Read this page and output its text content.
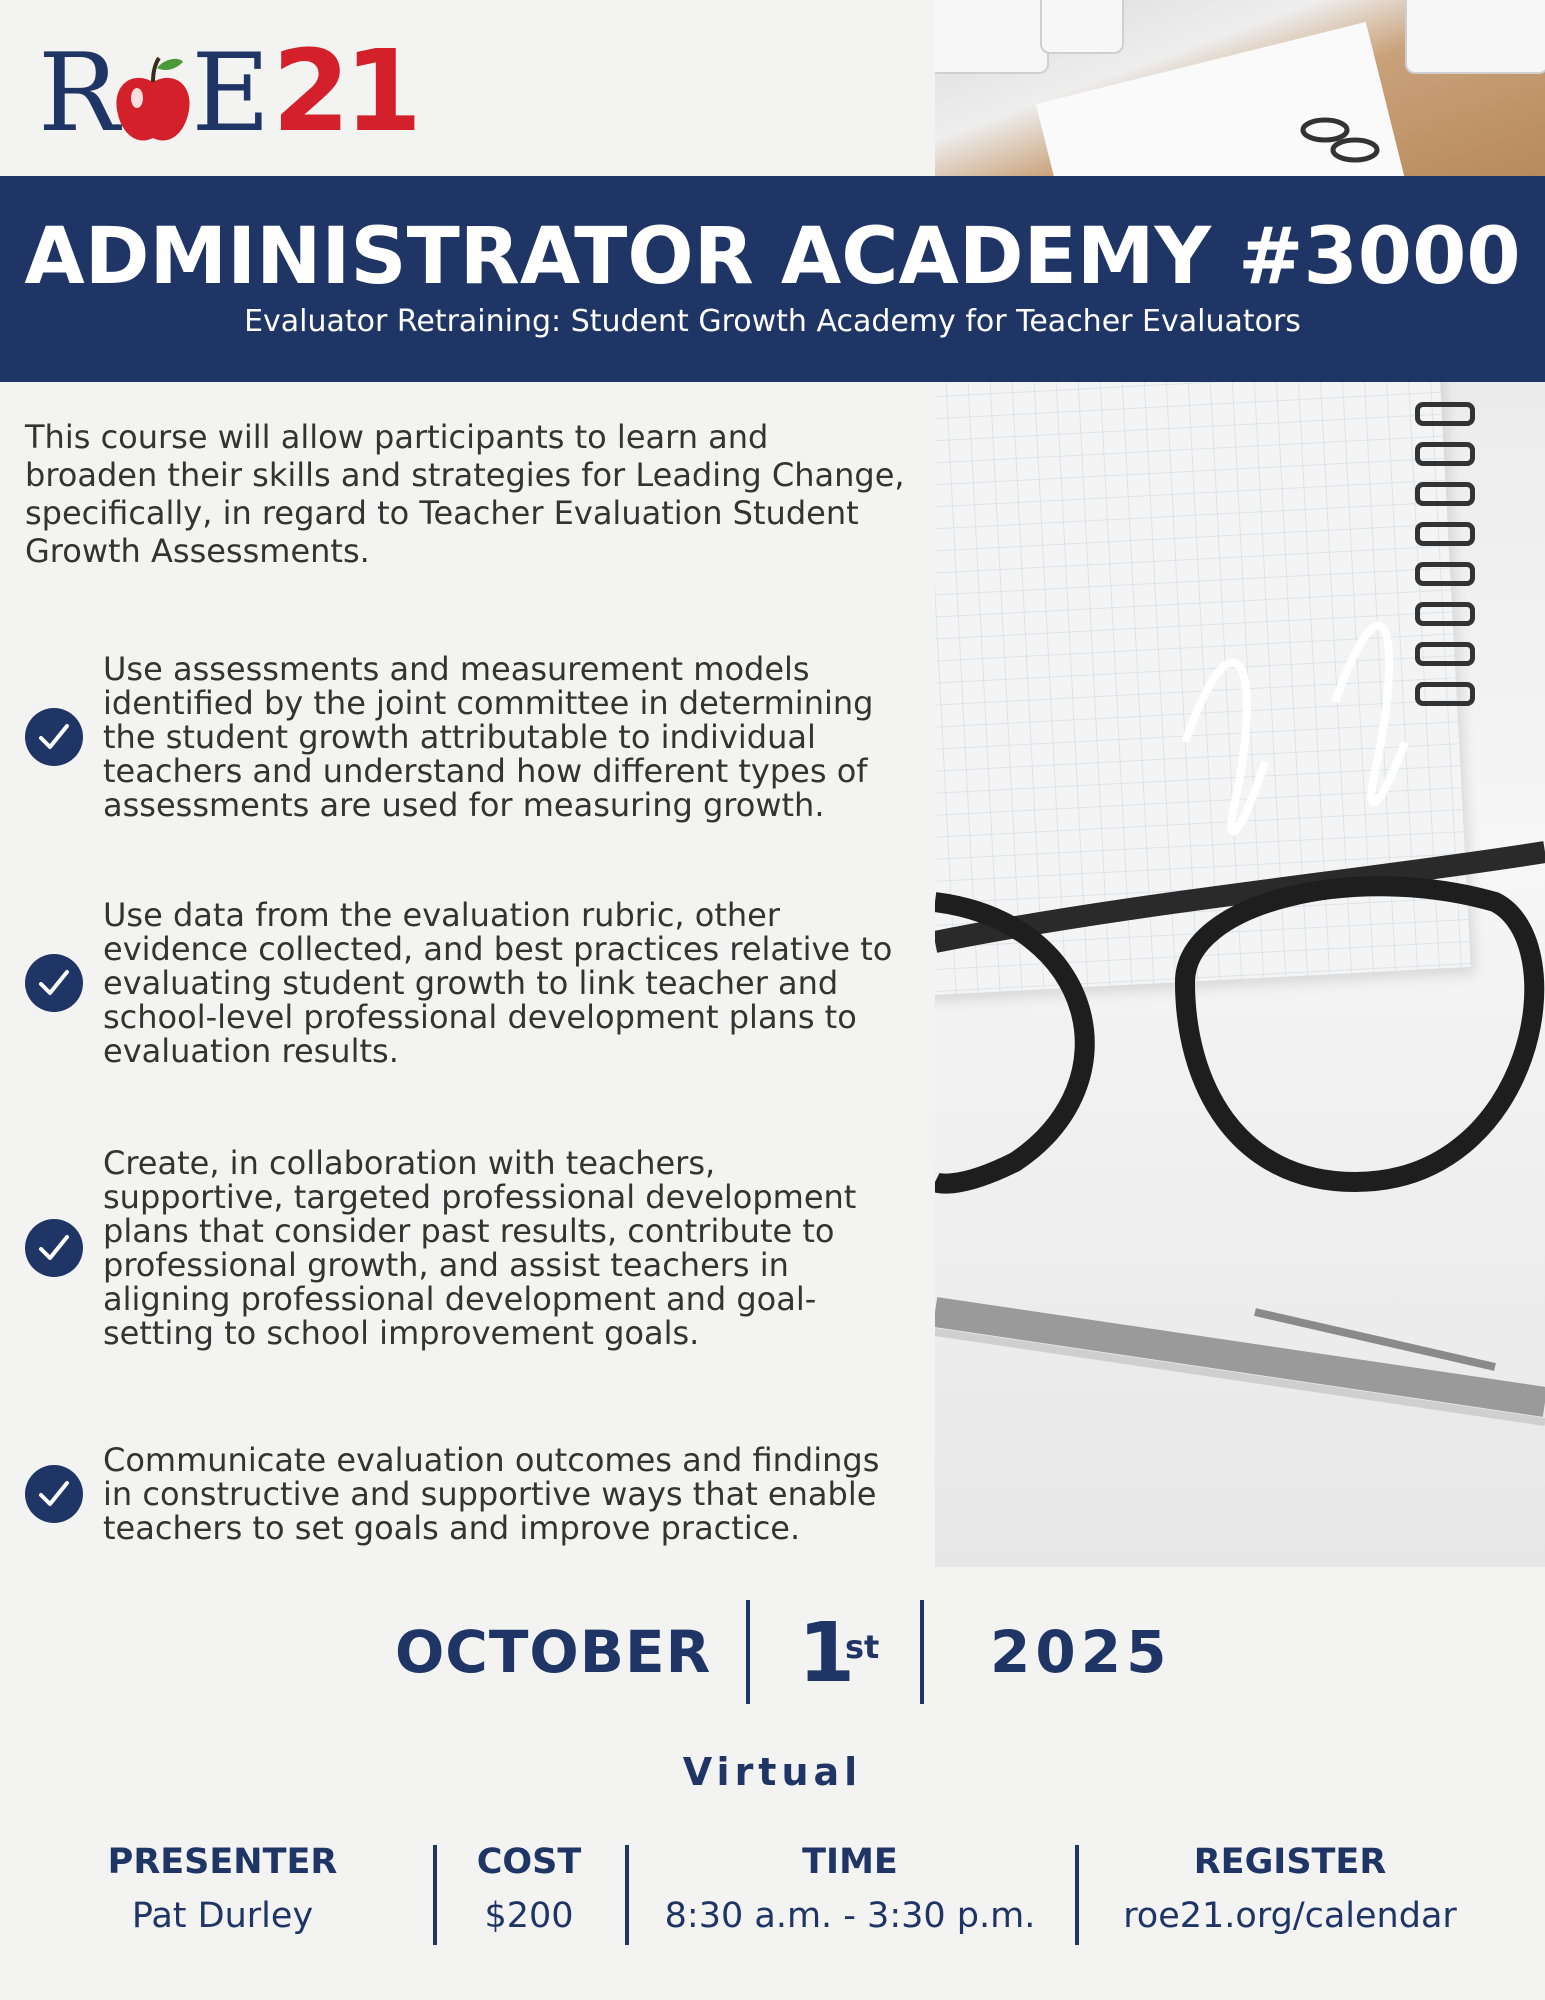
R E 21
ADMINISTRATOR ACADEMY #3000
Evaluator Retraining: Student Growth Academy for Teacher Evaluators
This course will allow participants to learn and broaden their skills and strategies for Leading Change, specifically, in regard to Teacher Evaluation Student Growth Assessments.
Use assessments and measurement models identified by the joint committee in determining the student growth attributable to individual teachers and understand how different types of assessments are used for measuring growth.
Use data from the evaluation rubric, other evidence collected, and best practices relative to evaluating student growth to link teacher and school-level professional development plans to evaluation results.
Create, in collaboration with teachers, supportive, targeted professional development plans that consider past results, contribute to professional growth, and assist teachers in aligning professional development and goal-setting to school improvement goals.
Communicate evaluation outcomes and findings in constructive and supportive ways that enable teachers to set goals and improve practice.
OCTOBER 1
st 2025
Virtual
PRESENTER
Pat Durley
COST
$200
TIME
8:30 a.m. - 3:30 p.m.
REGISTER
roe21.org/calendar
